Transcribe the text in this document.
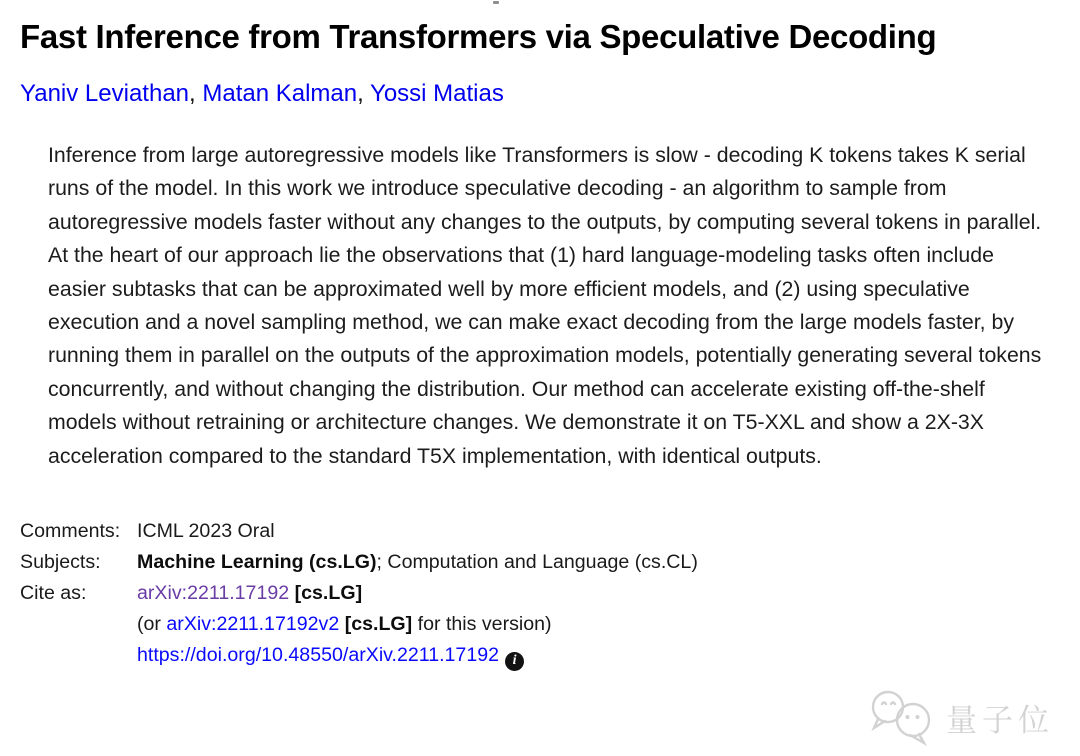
Fast Inference from Transformers via Speculative Decoding
Yaniv Leviathan, Matan Kalman, Yossi Matias

Inference from large autoregressive models like Transformers is slow - decoding K tokens takes K serial runs of the model. In this work we introduce speculative decoding - an algorithm to sample from autoregressive models faster without any changes to the outputs, by computing several tokens in parallel. At the heart of our approach lie the observations that (1) hard language-modeling tasks often include easier subtasks that can be approximated well by more efficient models, and (2) using speculative execution and a novel sampling method, we can make exact decoding from the large models faster, by running them in parallel on the outputs of the approximation models, potentially generating several tokens concurrently, and without changing the distribution. Our method can accelerate existing off-the-shelf models without retraining or architecture changes. We demonstrate it on T5-XXL and show a 2X-3X acceleration compared to the standard T5X implementation, with identical outputs.

Comments: ICML 2023 Oral
Subjects:	Machine Learning (cs.LG); Computation and Language (cs.CL)
Cite as:	arXiv:2211.17192 [cs.LG]
(or arXiv:2211.17192v2 [cs.LG] for this version)
https://doi.org/10.48550/arXiv.2211.17192 i
量子位
